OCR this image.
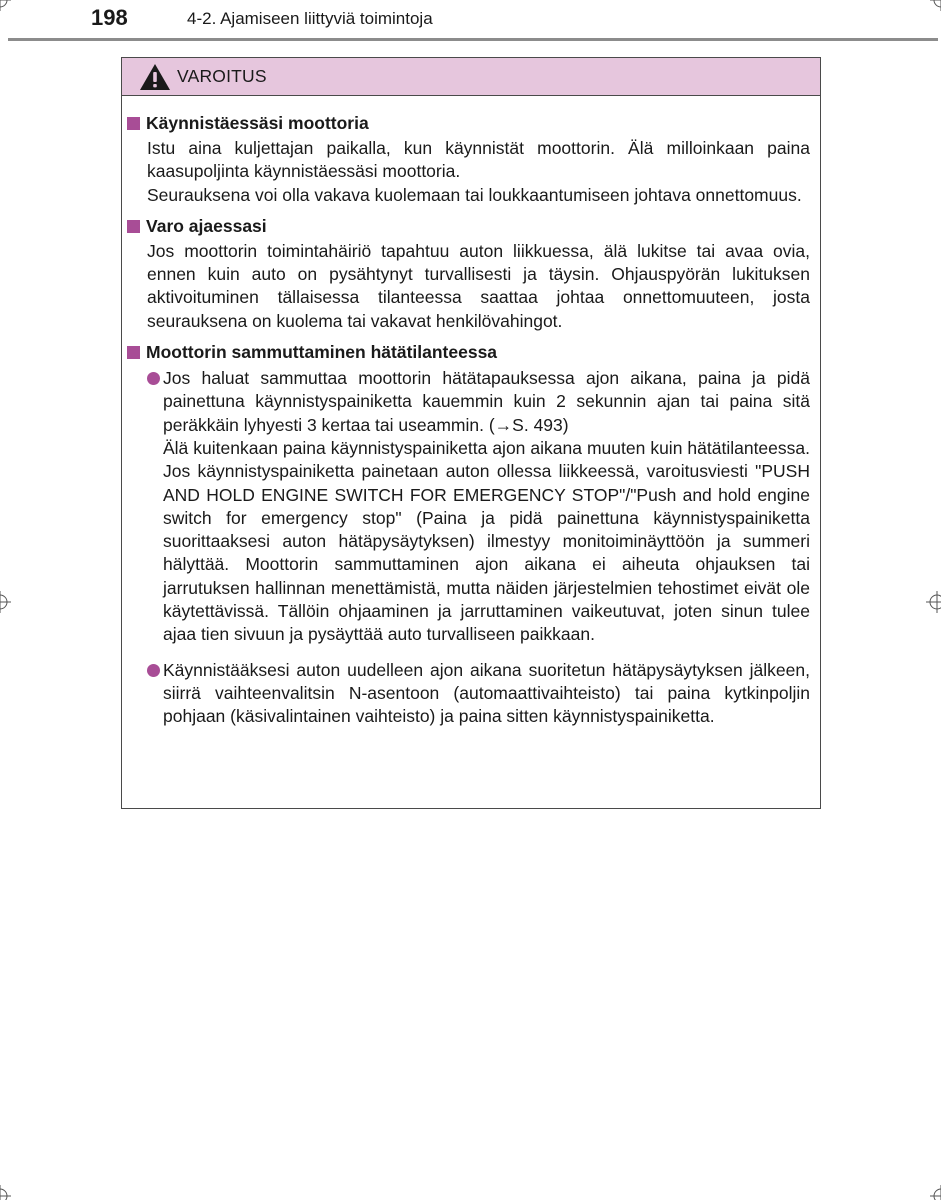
198	4-2. Ajamiseen liittyviä toimintoja
VAROITUS
Käynnistäessäsi moottoria

Istu aina kuljettajan paikalla, kun käynnistät moottorin. Älä milloinkaan paina kaasupoljinta käynnistäessäsi moottoria.

Seurauksena voi olla vakava kuolemaan tai loukkaantumiseen johtava onnettomuus.

Varo ajaessasi

Jos moottorin toimintahäiriö tapahtuu auton liikkuessa, älä lukitse tai avaa ovia, ennen kuin auto on pysähtynyt turvallisesti ja täysin. Ohjauspyörän lukituksen aktivoituminen tällaisessa tilanteessa saattaa johtaa onnettomuuteen, josta seurauksena on kuolema tai vakavat henkilövahingot.

Moottorin sammuttaminen hätätilanteessa

Jos haluat sammuttaa moottorin hätätapauksessa ajon aikana, paina ja pidä painettuna käynnistyspainiketta kauemmin kuin 2 sekunnin ajan tai paina sitä peräkkäin lyhyesti 3 kertaa tai useammin. (→S. 493)

Älä kuitenkaan paina käynnistyspainiketta ajon aikana muuten kuin hätätilanteessa. Jos käynnistyspainiketta painetaan auton ollessa liikkeessä, varoitusviesti "PUSH AND HOLD ENGINE SWITCH FOR EMERGENCY STOP"/"Push and hold engine switch for emergency stop" (Paina ja pidä painettuna käynnistyspainiketta suorittaaksesi auton hätäpysäytyksen) ilmestyy monitoiminäyttöön ja summeri hälyttää. Moottorin sammuttaminen ajon aikana ei aiheuta ohjauksen tai jarrutuksen hallinnan menettämistä, mutta näiden järjestelmien tehostimet eivät ole käytettävissä. Tällöin ohjaaminen ja jarruttaminen vaikeutuvat, joten sinun tulee ajaa tien sivuun ja pysäyttää auto turvalliseen paikkaan.

Käynnistääksesi auton uudelleen ajon aikana suoritetun hätäpysäytyksen jälkeen, siirrä vaihteenvalitsin N-asentoon (automaattivaihteisto) tai paina kytkinpoljin pohjaan (käsivalintainen vaihteisto) ja paina sitten käynnistyspainiketta.
